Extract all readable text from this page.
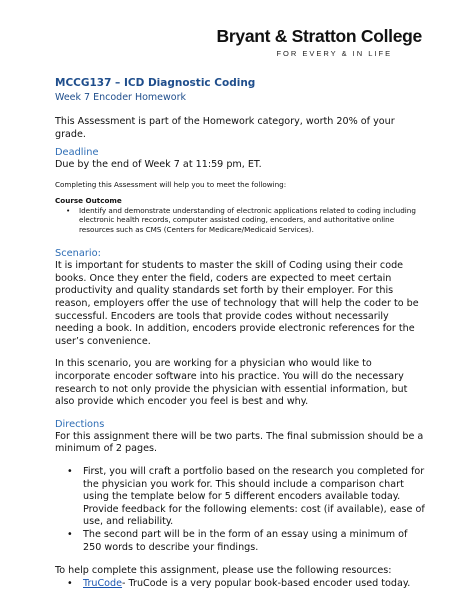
Bryant & Stratton College
FOR EVERY & IN LIFE

MCCG137 – ICD Diagnostic Coding

Week 7 Encoder Homework

This Assessment is part of the Homework category, worth 20% of your grade.

Deadline

Due by the end of Week 7 at 11:59 pm, ET.

Completing this Assessment will help you to meet the following:

Course Outcome

• Identify and demonstrate understanding of electronic applications related to coding including electronic health records, computer assisted coding, encoders, and authoritative online resources such as CMS (Centers for Medicare/Medicaid Services).

Scenario:

It is important for students to master the skill of Coding using their code books. Once they enter the field, coders are expected to meet certain productivity and quality standards set forth by their employer. For this reason, employers offer the use of technology that will help the coder to be successful. Encoders are tools that provide codes without necessarily needing a book. In addition, encoders provide electronic references for the user’s convenience.

In this scenario, you are working for a physician who would like to incorporate encoder software into his practice. You will do the necessary research to not only provide the physician with essential information, but also provide which encoder you feel is best and why.

Directions

For this assignment there will be two parts. The final submission should be a minimum of 2 pages.

• First, you will craft a portfolio based on the research you completed for the physician you work for. This should include a comparison chart using the template below for 5 different encoders available today. Provide feedback for the following elements: cost (if available), ease of use, and reliability.
• The second part will be in the form of an essay using a minimum of 250 words to describe your findings.

To help complete this assignment, please use the following resources:

• TruCode- TruCode is a very popular book-based encoder used today.
